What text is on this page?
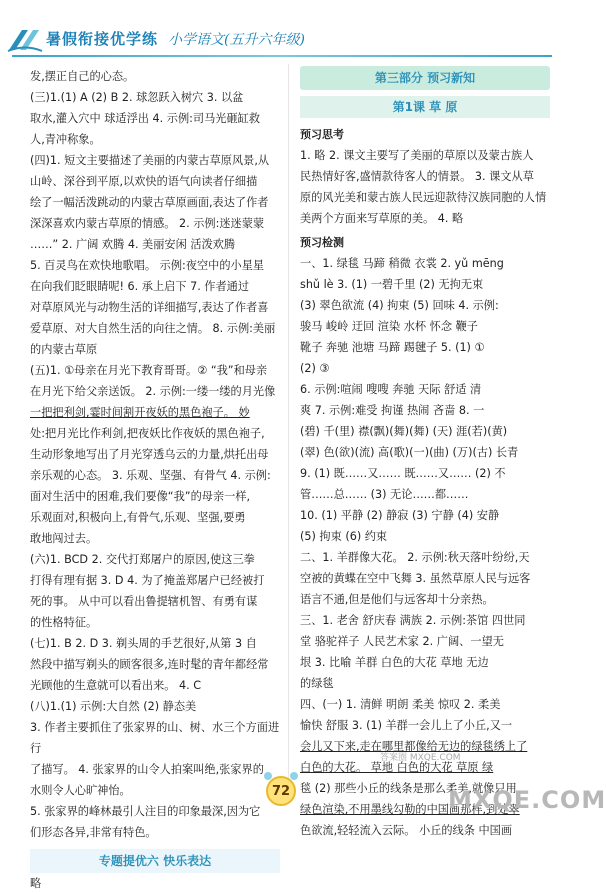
暑假衔接优学练 小学语文(五升六年级)

发,摆正自己的心态。

(三)1.(1) A (2) B 2. 球忽跃入树穴 3. 以盆

取水,灌入穴中 球适浮出 4. 示例:司马光砸缸救

人,青冲称象。

(四)1. 短文主要描述了美丽的内蒙古草原风景,从

山岭、深谷到平原,以欢快的语气向读者仔细描

绘了一幅活泼跳动的内蒙古草原画面,表达了作者

深深喜欢内蒙古草原的情感。 2. 示例:迷迷蒙蒙

……” 2. 广阔 欢腾 4. 美丽安闲 活泼欢腾

5. 百灵鸟在欢快地歌唱。 示例:夜空中的小星星

在向我们眨眼睛呢! 6. 承上启下 7. 作者通过

对草原风光与动物生活的详细描写,表达了作者喜

爱草原、对大自然生活的向往之情。 8. 示例:美丽

的内蒙古草原

(五)1. ①母亲在月光下教育哥哥。② “我”和母亲

在月光下给父亲送饭。 2. 示例:一缕一缕的月光像

一把把利剑,霎时间割开夜妖的黑色袍子。 妙

处:把月光比作利剑,把夜妖比作夜妖的黑色袍子,

生动形象地写出了月光穿透乌云的力量,烘托出母

亲乐观的心态。 3. 乐观、坚强、有骨气 4. 示例:

面对生活中的困难,我们要像“我”的母亲一样,

乐观面对,积极向上,有骨气,乐观、坚强,要勇

敢地闯过去。

(六)1. BCD 2. 交代打郑屠户的原因,使这三拳

打得有理有据 3. D 4. 为了掩盖郑屠户已经被打

死的事。 从中可以看出鲁提辖机智、有勇有谋

的性格特征。

(七)1. B 2. D 3. 剃头周的手艺很好,从第 3 自

然段中描写剃头的顾客很多,连时髦的青年都经常

光顾他的生意就可以看出来。 4. C

(八)1.(1) 示例:大自然 (2) 静态美

3. 作者主要抓住了张家界的山、树、水三个方面进行

了描写。 4. 张家界的山令人拍案叫绝,张家界的

水则令人心旷神怡。

5. 张家界的峰林最引人注目的印象最深,因为它

们形态各异,非常有特色。

专题提优六 快乐表达

略

第三部分 预习新知
第1课 草 原
预习思考

1. 略 2. 课文主要写了美丽的草原以及蒙古族人

民热情好客,盛情款待客人的情景。 3. 课文从草

原的风光美和蒙古族人民远迎款待汉族同胞的人情

美两个方面来写草原的美。 4. 略

预习检测

一、1. 绿毯 马蹄 稍微 衣裳 2. yǔ mēng

shǔ lè 3. (1) 一碧千里 (2) 无拘无束

(3) 翠色欲流 (4) 拘束 (5) 回味 4. 示例:

骏马 峻岭 迂回 渲染 水杯 怀念 鞭子

靴子 奔驰 池塘 马蹄 踢毽子 5. (1) ①

(2) ③

6. 示例:喧闹 嗖嗖 奔驰 天际 舒适 清

爽 7. 示例:难受 拘谨 热闹 吝啬 8. 一

(碧) 千(里) 襟(飘)(舞)(舞) (天) 涯(若)(黄)

(翠) 色(欲)(流) 高(歌)(一)(曲) (万)(古) 长青

9. (1) 既……又…… 既……又…… (2) 不

管……总…… (3) 无论……都……

10. (1) 平静 (2) 静寂 (3) 宁静 (4) 安静

(5) 拘束 (6) 约束

二、1. 羊群像大花。 2. 示例:秋天落叶纷纷,天

空被的黄蝶在空中飞舞 3. 虽然草原人民与远客

语言不通,但是他们与远客却十分亲热。

三、1. 老舍 舒庆春 满族 2. 示例:茶馆 四世同

堂 骆驼祥子 人民艺术家 2. 广阔、一望无

垠 3. 比喻 羊群 白色的大花 草地 无边

的绿毯

四、(一) 1. 清鲜 明朗 柔美 惊叹 2. 柔美

愉快 舒服 3. (1) 羊群一会儿上了小丘,又一

会儿又下来,走在哪里都像给无边的绿毯绣上了

白色的大花。 草地 白色的大花 草原 绿

毯 (2) 那些小丘的线条是那么柔美,就像只用

绿色渲染,不用墨线勾勒的中国画那样,到处翠

色欲流,轻轻流入云际。 小丘的线条 中国画

答案圈 MXQE.COM
MXQE.COM
72
